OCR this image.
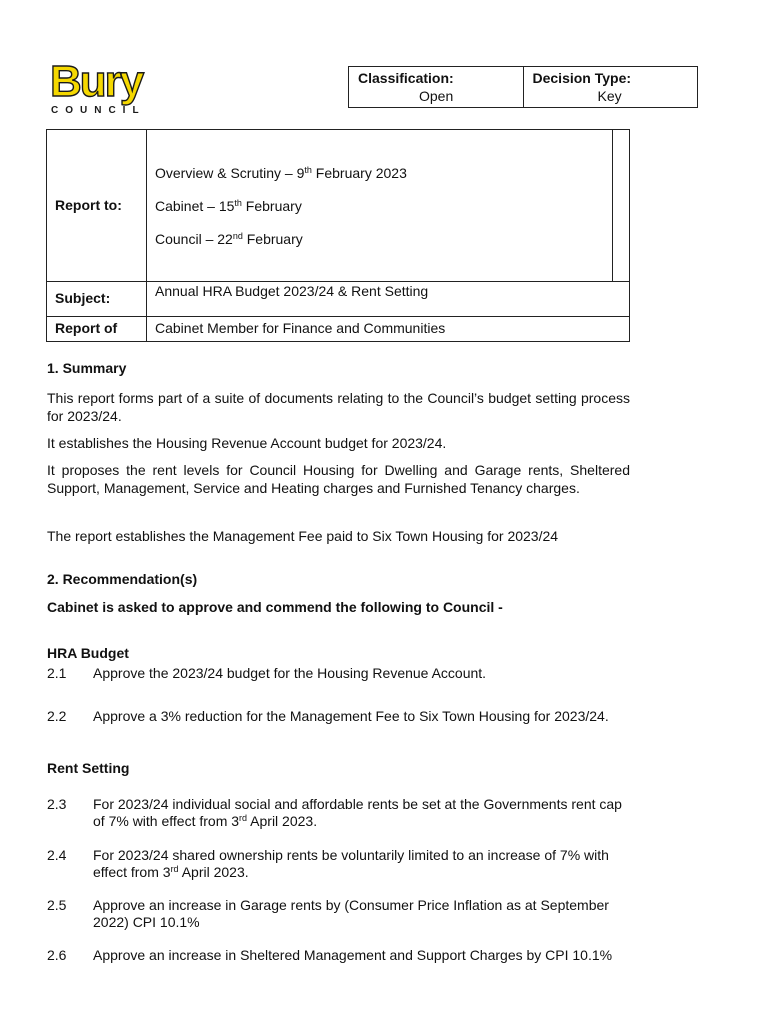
Bury
COUNCIL
Classification:
Open
Decision Type:
Key
Report to:
Overview & Scrutiny – 9th February 2023
Cabinet – 15th February
Council – 22nd February
Subject:	Annual HRA Budget 2023/24 & Rent Setting
Report of	Cabinet Member for Finance and Communities
1. Summary
This report forms part of a suite of documents relating to the Council’s budget setting process for 2023/24.
It establishes the Housing Revenue Account budget for 2023/24.
It proposes the rent levels for Council Housing for Dwelling and Garage rents, Sheltered Support, Management, Service and Heating charges and Furnished Tenancy charges.
The report establishes the Management Fee paid to Six Town Housing for 2023/24
2. Recommendation(s)
Cabinet is asked to approve and commend the following to Council -
HRA Budget
2.1 Approve the 2023/24 budget for the Housing Revenue Account.
2.2 Approve a 3% reduction for the Management Fee to Six Town Housing for 2023/24.
Rent Setting
2.3 For 2023/24 individual social and affordable rents be set at the Governments rent cap of 7% with effect from 3rd April 2023.
2.4 For 2023/24 shared ownership rents be voluntarily limited to an increase of 7% with effect from 3rd April 2023.
2.5 Approve an increase in Garage rents by (Consumer Price Inflation as at September 2022) CPI 10.1%
2.6 Approve an increase in Sheltered Management and Support Charges by CPI 10.1%
